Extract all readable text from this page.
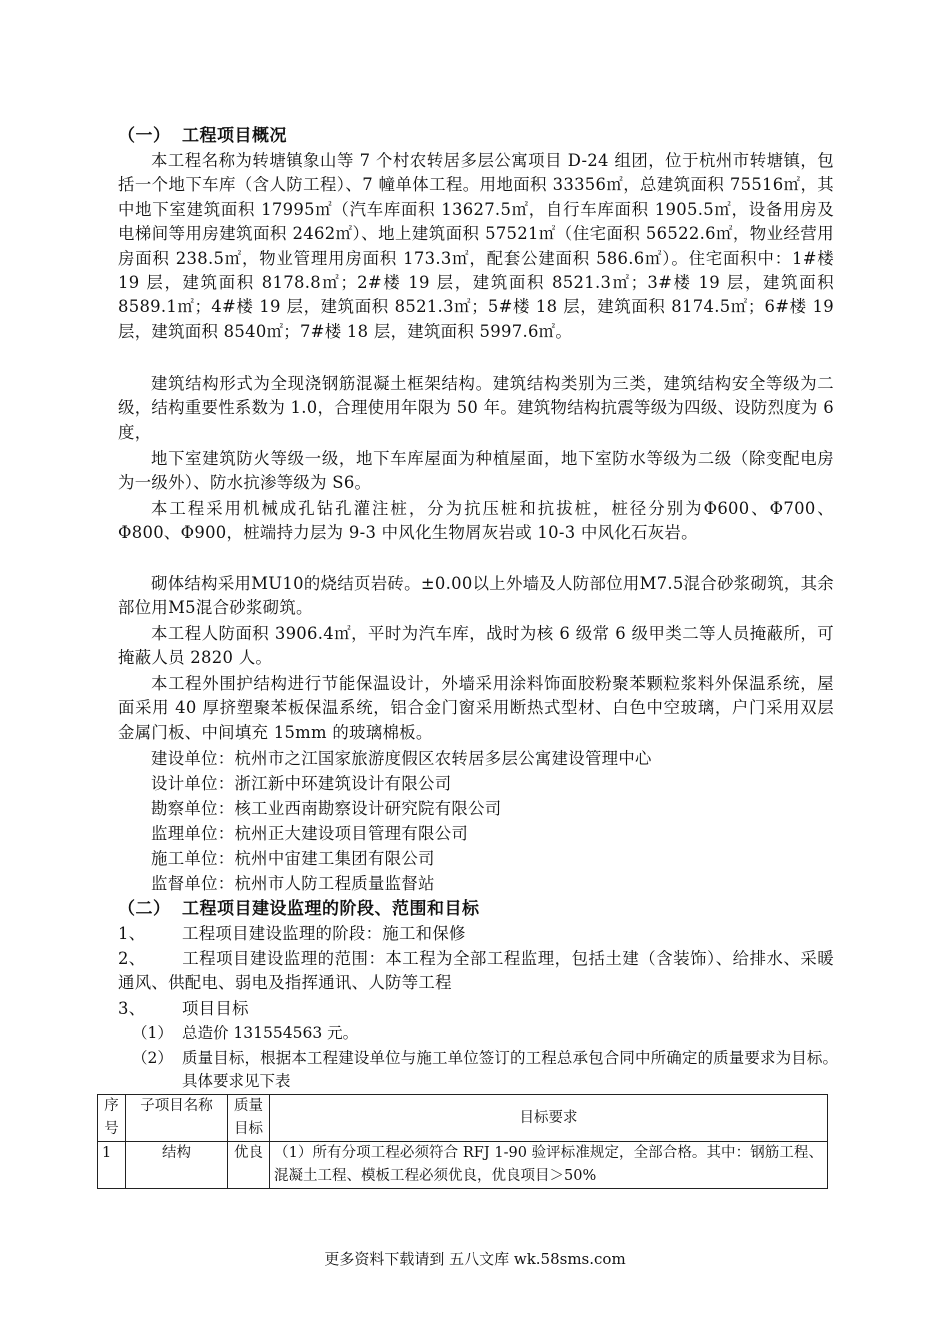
（一） 工程项目概况

本工程名称为转塘镇象山等 7 个村农转居多层公寓项目 D-24 组团，位于杭州市转塘镇，包括一个地下车库（含人防工程）、7 幢单体工程。用地面积 33356㎡，总建筑面积 75516㎡，其中地下室建筑面积 17995㎡（汽车库面积 13627.5㎡，自行车库面积 1905.5㎡，设备用房及电梯间等用房建筑面积 2462㎡）、地上建筑面积 57521㎡（住宅面积 56522.6㎡，物业经营用房面积 238.5㎡，物业管理用房面积 173.3㎡，配套公建面积 586.6㎡）。住宅面积中：1#楼 19 层，建筑面积 8178.8㎡；2#楼 19 层，建筑面积 8521.3㎡；3#楼 19 层，建筑面积 8589.1㎡；4#楼 19 层，建筑面积 8521.3㎡；5#楼 18 层，建筑面积 8174.5㎡；6#楼 19 层，建筑面积 8540㎡；7#楼 18 层，建筑面积 5997.6㎡。

建筑结构形式为全现浇钢筋混凝土框架结构。建筑结构类别为三类，建筑结构安全等级为二级，结构重要性系数为 1.0，合理使用年限为 50 年。建筑物结构抗震等级为四级、设防烈度为 6 度，

地下室建筑防火等级一级，地下车库屋面为种植屋面，地下室防水等级为二级（除变配电房为一级外）、防水抗渗等级为 S6。

本工程采用机械成孔钻孔灌注桩，分为抗压桩和抗拔桩，桩径分别为Φ600、Φ700、Φ800、Φ900，桩端持力层为 9-3 中风化生物屑灰岩或 10-3 中风化石灰岩。

砌体结构采用MU10的烧结页岩砖。±0.00以上外墙及人防部位用M7.5混合砂浆砌筑，其余部位用M5混合砂浆砌筑。

本工程人防面积 3906.4㎡，平时为汽车库，战时为核 6 级常 6 级甲类二等人员掩蔽所，可掩蔽人员 2820 人。

本工程外围护结构进行节能保温设计，外墙采用涂料饰面胶粉聚苯颗粒浆料外保温系统，屋面采用 40 厚挤塑聚苯板保温系统，铝合金门窗采用断热式型材、白色中空玻璃，户门采用双层金属门板、中间填充 15mm 的玻璃棉板。

建设单位：杭州市之江国家旅游度假区农转居多层公寓建设管理中心
设计单位：浙江新中环建筑设计有限公司
勘察单位：核工业西南勘察设计研究院有限公司
监理单位：杭州正大建设项目管理有限公司
施工单位：杭州中宙建工集团有限公司
监督单位：杭州市人防工程质量监督站
（二） 工程项目建设监理的阶段、范围和目标
1、 工程项目建设监理的阶段：施工和保修

2、 工程项目建设监理的范围：本工程为全部工程监理，包括土建（含装饰）、给排水、采暖通风、供配电、弱电及指挥通讯、人防等工程

3、 项目目标
（1） 总造价 131554563 元。
（2） 质量目标，根据本工程建设单位与施工单位签订的工程总承包合同中所确定的质量要求为目标。具体要求见下表
序号	子项目名称	质量目标	目标要求
1	结构	优良	（1）所有分项工程必须符合 RFJ 1-90 验评标准规定，全部合格。其中：钢筋工程、混凝土工程、模板工程必须优良，优良项目＞50%
更多资料下载请到 五八文库 wk.58sms.com
